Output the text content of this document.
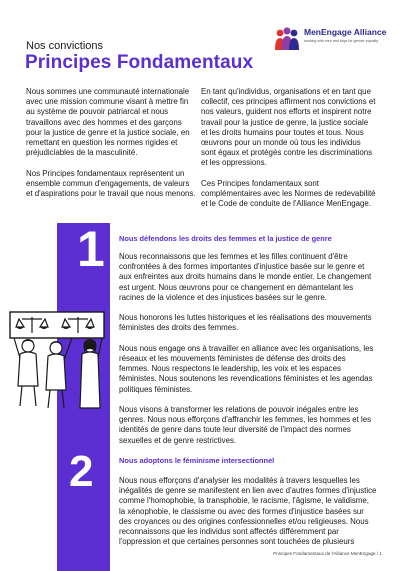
Nos convictions
Principes Fondamentaux
MenEngage Alliance
working with men and boys for gender equality

Nous sommes une communauté internationale avec une mission commune visant à mettre fin au système de pouvoir patriarcal et nous travaillons avec des hommes et des garçons pour la justice de genre et la justice sociale, en remettant en question les normes rigides et préjudiciables de la masculinité.

Nos Principes fondamentaux représentent un ensemble commun d'engagements, de valeurs et d'aspirations pour le travail que nous menons.

En tant qu'individus, organisations et en tant que collectif, ces principes affirment nos convictions et nos valeurs, guident nos efforts et inspirent notre travail pour la justice de genre, la justice sociale et les droits humains pour toutes et tous. Nous œuvrons pour un monde où tous les individus sont égaux et protégés contre les discriminations et les oppressions.

Ces Principes fondamentaux sont complémentaires avec les Normes de redevabilité et le Code de conduite de l'Alliance MenEngage.

1
2
Nous défendons les droits des femmes et la justice de genre

Nous reconnaissons que les femmes et les filles continuent d'être confrontées à des formes importantes d'injustice basée sur le genre et aux enfreintes aux droits humains dans le monde entier. Le changement est urgent. Nous œuvrons pour ce changement en démantelant les racines de la violence et des injustices basées sur le genre.

Nous honorons les luttes historiques et les réalisations des mouvements féministes des droits des femmes.

Nous nous engage ons à travailler en alliance avec les organisations, les réseaux et les mouvements féministes de défense des droits des femmes. Nous respectons le leadership, les voix et les espaces féministes. Nous soutenons les revendications féministes et les agendas politiques féministes.

Nous visons à transformer les relations de pouvoir inégales entre les genres. Nous nous efforçons d'affranchir les femmes, les hommes et les identités de genre dans toute leur diversité de l'impact des normes sexuelles et de genre restrictives.

Nous adoptons le féminisme intersectionnel

Nous nous efforçons d'analyser les modalités à travers lesquelles les inégalités de genre se manifestent en lien avec d'autres formes d'injustice comme l'homophobie, la transphobie, le racisme, l'âgisme, le validisme, la xénophobie, le classisme ou avec des formes d'injustice basées sur des croyances ou des origines confessionnelles et/ou religieuses. Nous reconnaissons que les individus sont affectés différemment par l'oppression et que certaines personnes sont touchées de plusieurs

Principes Fondamentaux de l'Alliance MenEngage / 1
